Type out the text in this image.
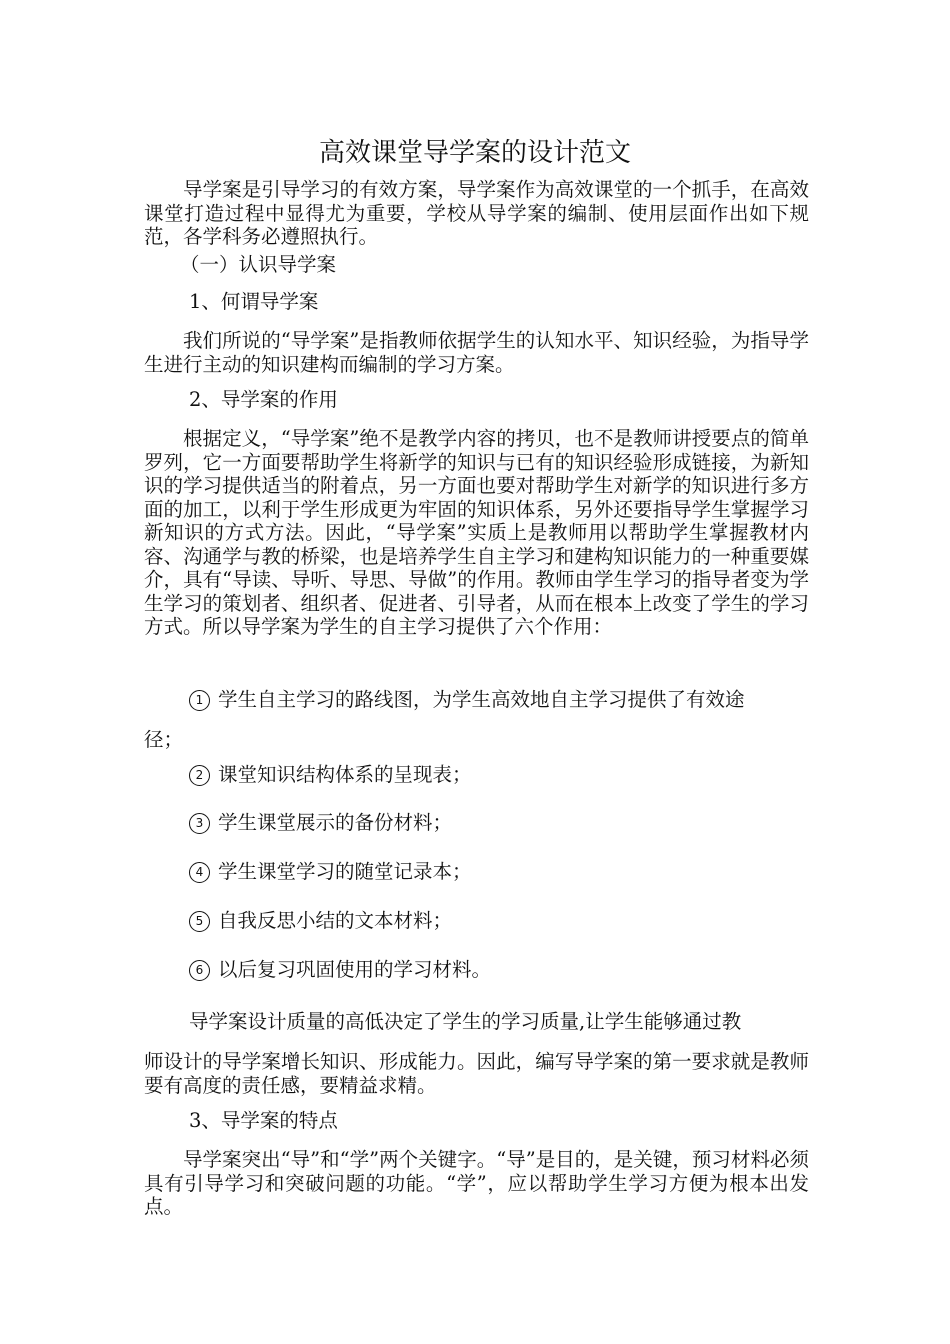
高效课堂导学案的设计范文

导学案是引导学习的有效方案，导学案作为高效课堂的一个抓手，在高效课堂打造过程中显得尤为重要，学校从导学案的编制、使用层面作出如下规范，各学科务必遵照执行。

（一）认识导学案
1、何谓导学案

我们所说的“导学案”是指教师依据学生的认知水平、知识经验，为指导学生进行主动的知识建构而编制的学习方案。

2、导学案的作用

根据定义，“导学案”绝不是教学内容的拷贝，也不是教师讲授要点的简单罗列，它一方面要帮助学生将新学的知识与已有的知识经验形成链接，为新知识的学习提供适当的附着点，另一方面也要对帮助学生对新学的知识进行多方面的加工，以利于学生形成更为牢固的知识体系，另外还要指导学生掌握学习新知识的方式方法。因此，“导学案”实质上是教师用以帮助学生掌握教材内容、沟通学与教的桥梁，也是培养学生自主学习和建构知识能力的一种重要媒介，具有“导读、导听、导思、导做”的作用。教师由学生学习的指导者变为学生学习的策划者、组织者、促进者、引导者，从而在根本上改变了学生的学习方式。所以导学案为学生的自主学习提供了六个作用：

1 学生自主学习的路线图，为学生高效地自主学习提供了有效途
径；
2 课堂知识结构体系的呈现表；
3 学生课堂展示的备份材料；
4 学生课堂学习的随堂记录本；
5 自我反思小结的文本材料；
6 以后复习巩固使用的学习材料。
导学案设计质量的高低决定了学生的学习质量,让学生能够通过教

师设计的导学案增长知识、形成能力。因此，编写导学案的第一要求就是教师要有高度的责任感，要精益求精。

3、导学案的特点

导学案突出“导”和“学”两个关键字。“导”是目的，是关键，预习材料必须具有引导学习和突破问题的功能。“学”，应以帮助学生学习方便为根本出发点。
